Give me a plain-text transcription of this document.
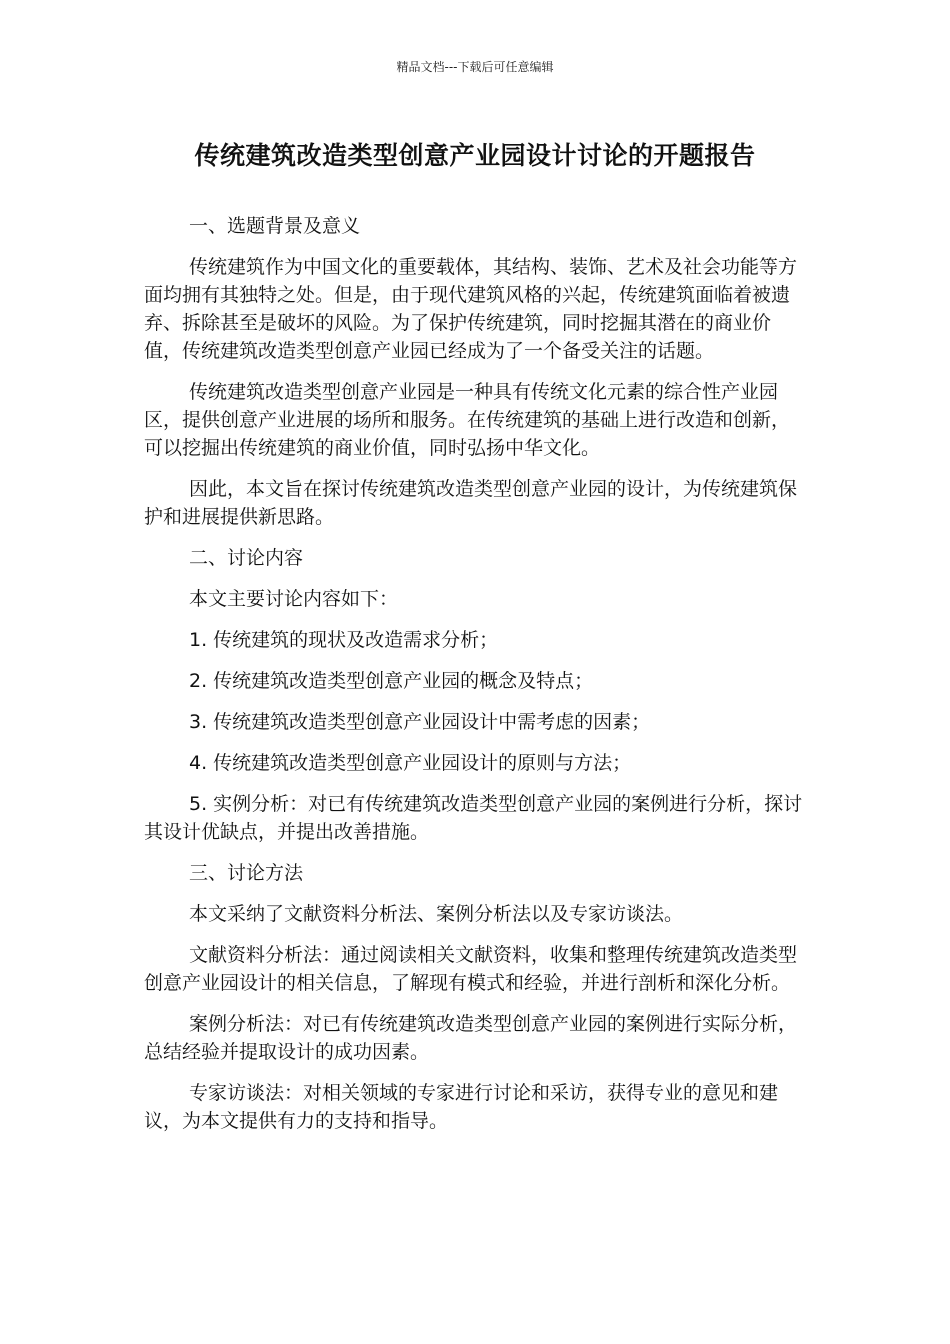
精品文档---下载后可任意编辑
传统建筑改造类型创意产业园设计讨论的开题报告

一、选题背景及意义

传统建筑作为中国文化的重要载体，其结构、装饰、艺术及社会功能等方面均拥有其独特之处。但是，由于现代建筑风格的兴起，传统建筑面临着被遗弃、拆除甚至是破坏的风险。为了保护传统建筑，同时挖掘其潜在的商业价值，传统建筑改造类型创意产业园已经成为了一个备受关注的话题。

传统建筑改造类型创意产业园是一种具有传统文化元素的综合性产业园区，提供创意产业进展的场所和服务。在传统建筑的基础上进行改造和创新，可以挖掘出传统建筑的商业价值，同时弘扬中华文化。

因此，本文旨在探讨传统建筑改造类型创意产业园的设计，为传统建筑保护和进展提供新思路。

二、讨论内容

本文主要讨论内容如下：

1. 传统建筑的现状及改造需求分析；

2. 传统建筑改造类型创意产业园的概念及特点；

3. 传统建筑改造类型创意产业园设计中需考虑的因素；

4. 传统建筑改造类型创意产业园设计的原则与方法；

5. 实例分析：对已有传统建筑改造类型创意产业园的案例进行分析，探讨其设计优缺点，并提出改善措施。

三、讨论方法

本文采纳了文献资料分析法、案例分析法以及专家访谈法。

文献资料分析法：通过阅读相关文献资料，收集和整理传统建筑改造类型创意产业园设计的相关信息，了解现有模式和经验，并进行剖析和深化分析。

案例分析法：对已有传统建筑改造类型创意产业园的案例进行实际分析，总结经验并提取设计的成功因素。

专家访谈法：对相关领域的专家进行讨论和采访，获得专业的意见和建议，为本文提供有力的支持和指导。
